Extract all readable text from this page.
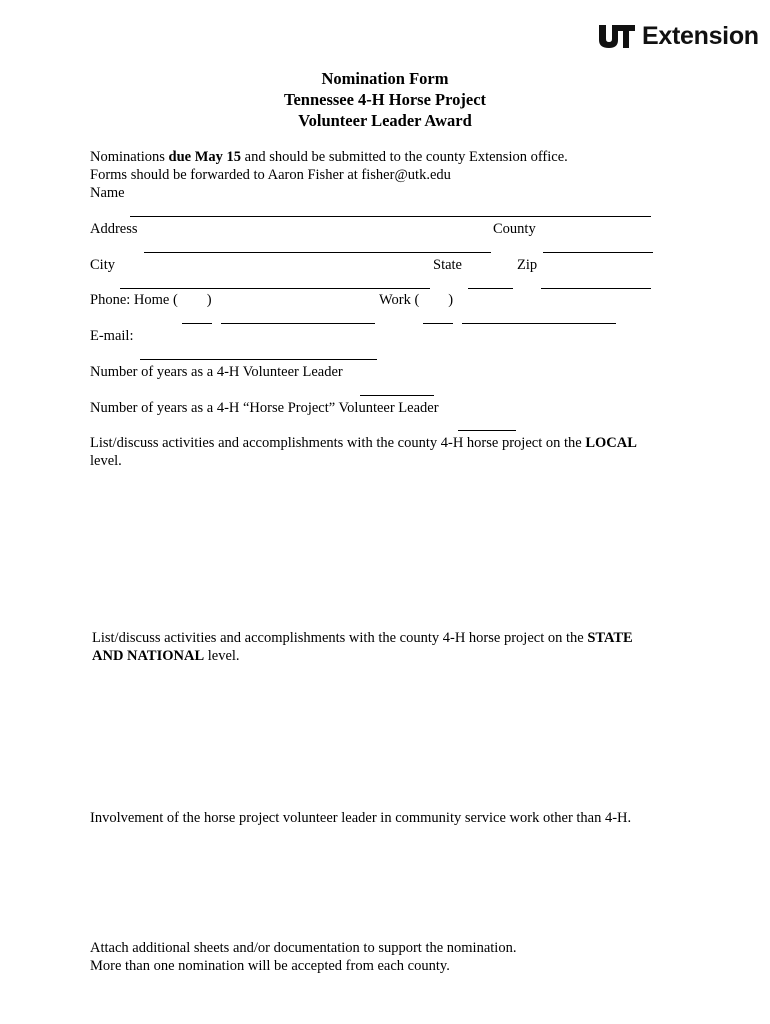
Extension
Nomination Form
Tennessee 4-H Horse Project
Volunteer Leader Award
Nominations due May 15 and should be submitted to the county Extension office.
Forms should be forwarded to Aaron Fisher at fisher@utk.edu
Name
Address	County
City	State	Zip
Phone: Home (        )	Work (        )
E-mail:
Number of years as a 4-H Volunteer Leader
Number of years as a 4-H “Horse Project” Volunteer Leader
List/discuss activities and accomplishments with the county 4-H horse project on the LOCAL
level.
List/discuss activities and accomplishments with the county 4-H horse project on the STATE
AND NATIONAL level.
Involvement of the horse project volunteer leader in community service work other than 4-H.
Attach additional sheets and/or documentation to support the nomination.
More than one nomination will be accepted from each county.
